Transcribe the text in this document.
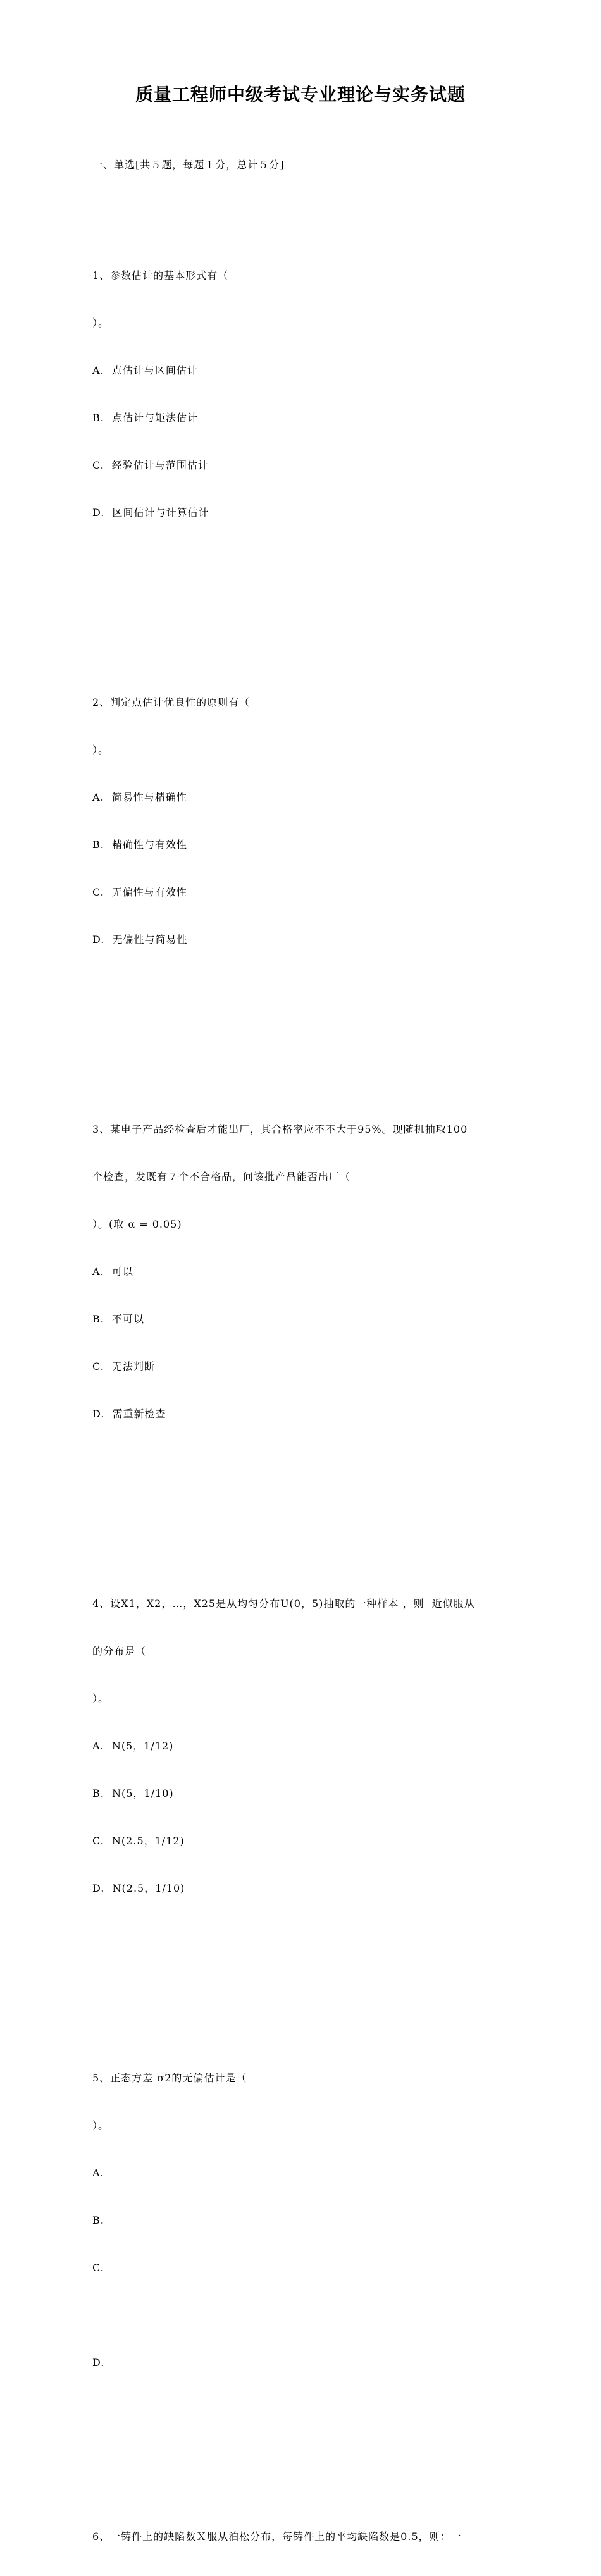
质量工程师中级考试专业理论与实务试题

一、单选[共５题，每题１分，总计５分]

1、参数估计的基本形式有（

）。

A.  点估计与区间估计

B.  点估计与矩法估计

C.  经验估计与范围估计

D.  区间估计与计算估计

2、判定点估计优良性的原则有（

）。

A.  简易性与精确性

B.  精确性与有效性

C.  无偏性与有效性

D.  无偏性与简易性

3、某电子产品经检查后才能出厂，其合格率应不不大于95%。现随机抽取100

个检查，发既有７个不合格品，问该批产品能否出厂（

）。(取 α = 0.05)

A.  可以

B.  不可以

C.  无法判断

D.  需重新检查

4、设X1，X2，…，X25是从均匀分布U(0，5)抽取的一种样本 ，则  近似服从

的分布是（

）。

A.  N(5，1/12)

B.  N(5，1/10)

C.  N(2.5，1/12)

D.  N(2.5，1/10)

5、正态方差 σ2的无偏估计是（

）。

A.

B.

C.

D.

6、一铸件上的缺陷数Ｘ服从泊松分布，每铸件上的平均缺陷数是0.5，则：一
